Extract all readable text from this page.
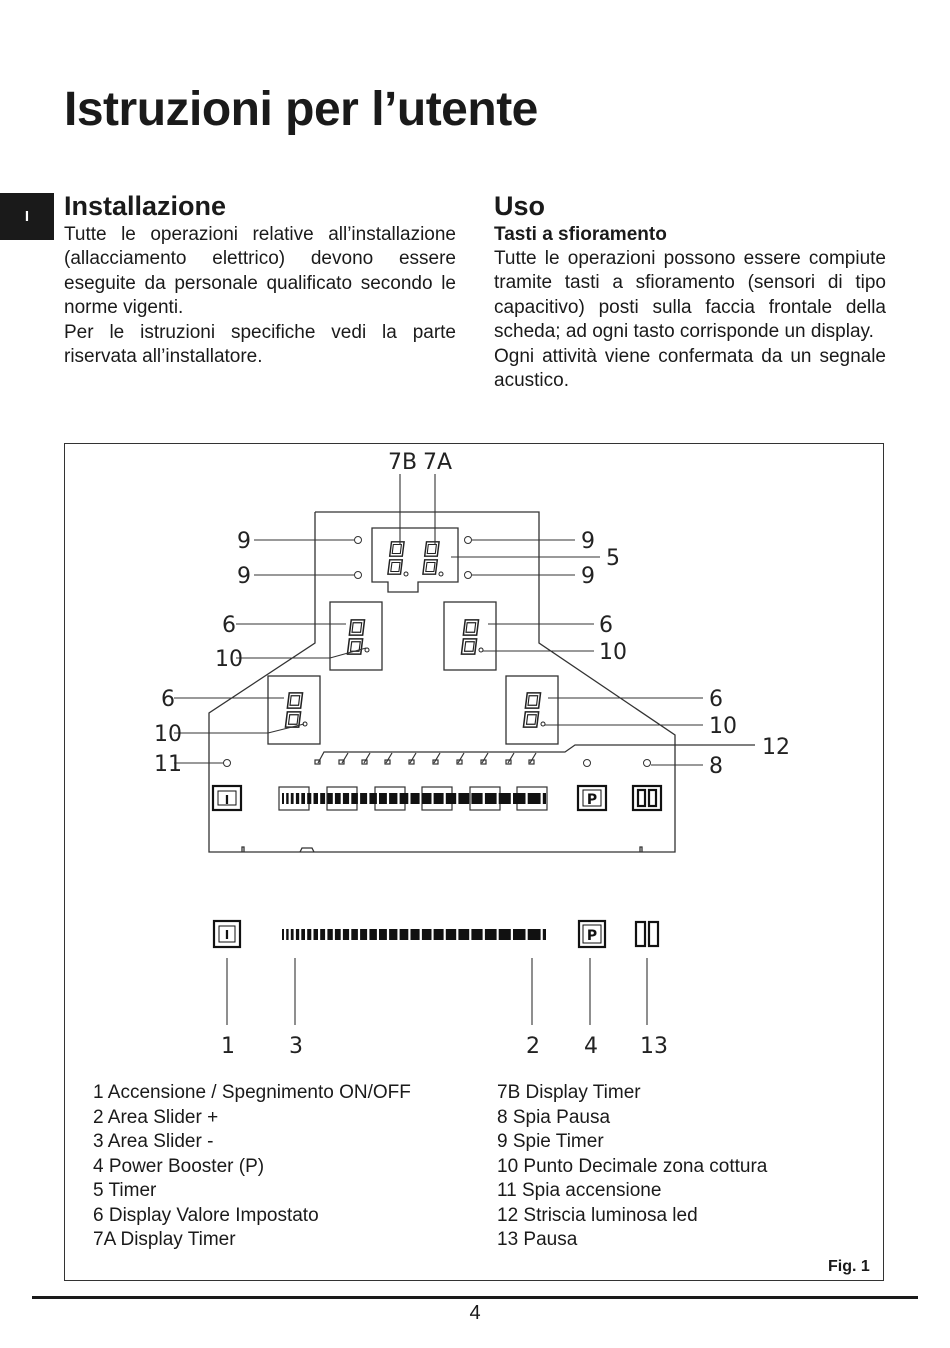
Istruzioni per l’utente
I	Installazione

Tutte le operazioni relative all’installazione (allacciamento elettrico) devono essere eseguite da personale qualificato secondo le norme vigenti.

Per le istruzioni specifiche vedi la parte riservata all’installatore.

Uso
Tasti a sfioramento

Tutte le operazioni possono essere compiute tramite tasti a sfioramento (sensori di tipo capacitivo) posti sulla faccia frontale della scheda; ad ogni tasto corrisponde un display.

Ogni attività viene confermata da un segnale acustico.

I	P
I	P
7B 7A
9
9
9
9
5
6
10
6
10
6
10
6
10
11
12
8
1 3	2 4 13
1 Accensione / Spegnimento ON/OFF
2 Area Slider +
3 Area Slider -
4 Power Booster (P)
5 Timer
6 Display Valore Impostato
7A Display Timer
7B Display Timer
8 Spia Pausa
9 Spie Timer
10 Punto Decimale zona cottura
11 Spia accensione
12 Striscia luminosa led
13 Pausa
Fig. 1
4
